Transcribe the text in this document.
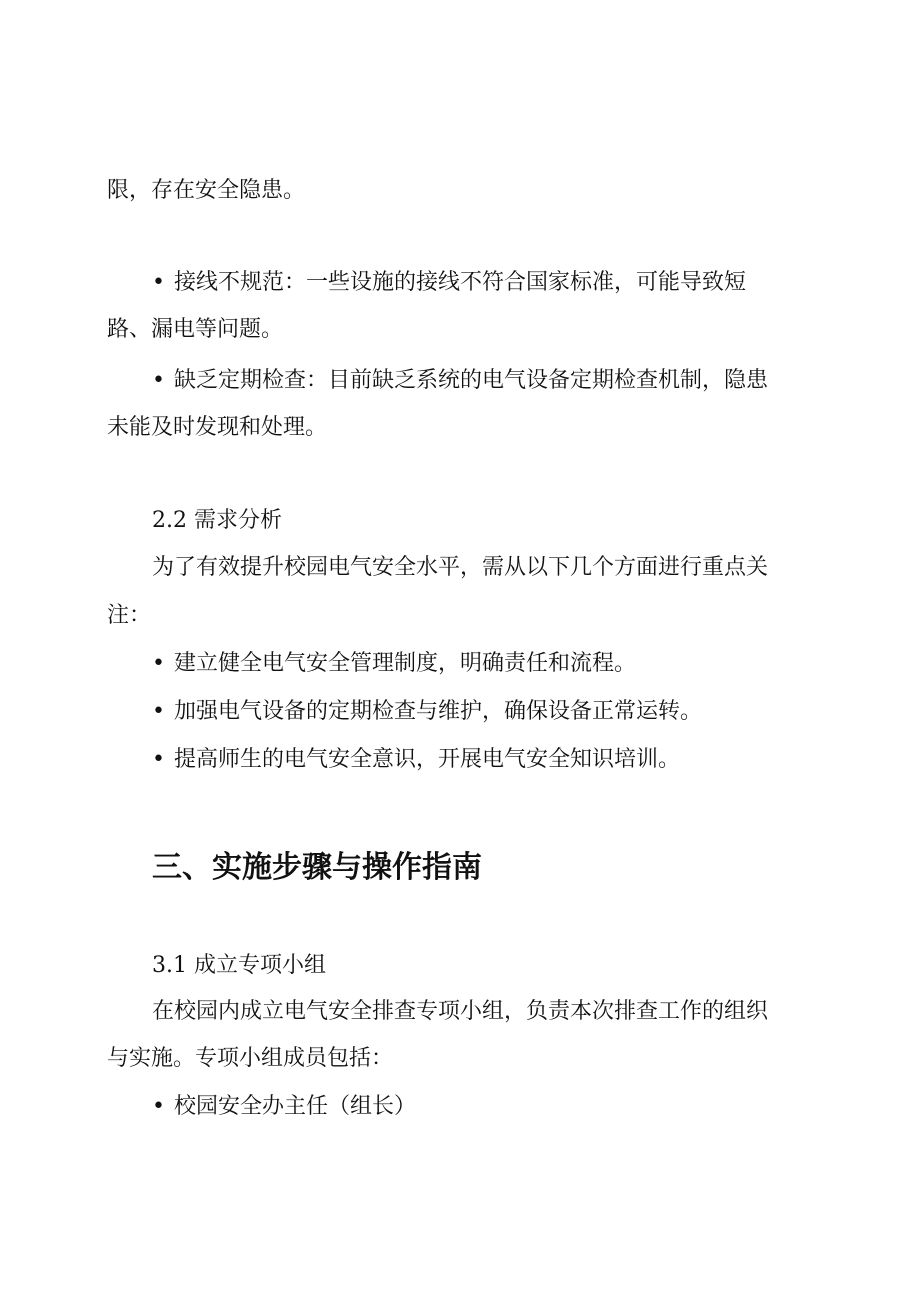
限，存在安全隐患。
• 接线不规范：一些设施的接线不符合国家标准，可能导致短
路、漏电等问题。
• 缺乏定期检查：目前缺乏系统的电气设备定期检查机制，隐患
未能及时发现和处理。
2.2 需求分析
为了有效提升校园电气安全水平，需从以下几个方面进行重点关
注：
• 建立健全电气安全管理制度，明确责任和流程。
• 加强电气设备的定期检查与维护，确保设备正常运转。
• 提高师生的电气安全意识，开展电气安全知识培训。
三、实施步骤与操作指南
3.1 成立专项小组
在校园内成立电气安全排查专项小组，负责本次排查工作的组织
与实施。专项小组成员包括：
• 校园安全办主任（组长）
